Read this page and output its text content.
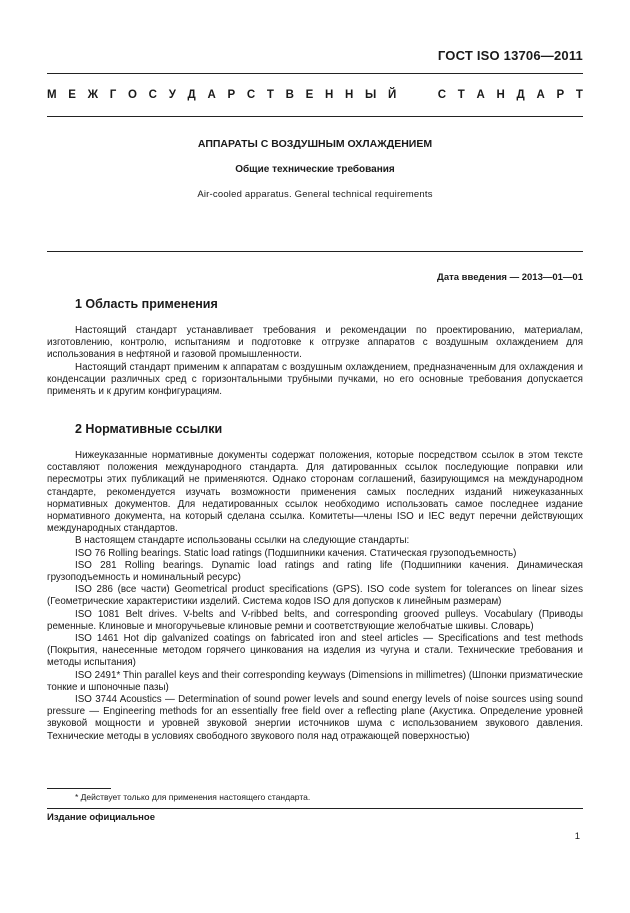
ГОСТ ISO 13706—2011
М Е Ж Г О С У Д А Р С Т В Е Н Н Ы Й

	С Т А Н Д А Р Т
АППАРАТЫ С ВОЗДУШНЫМ ОХЛАЖДЕНИЕМ
Общие технические требования
Air-cooled apparatus. General technical requirements
Дата введения — 2013—01—01
1 Область применения

Настоящий стандарт устанавливает требования и рекомендации по проектированию, материалам, изготовлению, контролю, испытаниям и подготовке к отгрузке аппаратов с воздушным охлаждением для использования в нефтяной и газовой промышленности.

Настоящий стандарт применим к аппаратам с воздушным охлаждением, предназначенным для охлаждения и конденсации различных сред с горизонтальными трубными пучками, но его основные требования допускается применять и к другим конфигурациям.

2 Нормативные ссылки

Нижеуказанные нормативные документы содержат положения, которые посредством ссылок в этом тексте составляют положения международного стандарта. Для датированных ссылок последующие поправки или пересмотры этих публикаций не применяются. Однако сторонам соглашений, базирующимся на международном стандарте, рекомендуется изучать возможности применения самых последних изданий нижеуказанных нормативных документов. Для недатированных ссылок необходимо использовать самое последнее издание нормативного документа, на который сделана ссылка. Комитеты—члены ISO и IEC ведут перечни действующих международных стандартов.

В настоящем стандарте использованы ссылки на следующие стандарты:

ISO 76 Rolling bearings. Static load ratings (Подшипники качения. Статическая грузоподъемность)

ISO 281 Rolling bearings. Dynamic load ratings and rating life (Подшипники качения. Динамическая грузоподъемность и номинальный ресурс)

ISO 286 (все части) Geometrical product specifications (GPS). ISO code system for tolerances on linear sizes (Геометрические характеристики изделий. Система кодов ISO для допусков к линейным размерам)

ISO 1081 Belt drives. V-belts and V-ribbed belts, and corresponding grooved pulleys. Vocabulary (Приводы ременные. Клиновые и многоручьевые клиновые ремни и соответствующие желобчатые шкивы. Словарь)

ISO 1461 Hot dip galvanized coatings on fabricated iron and steel articles — Specifications and test methods (Покрытия, нанесенные методом горячего цинкования на изделия из чугуна и стали. Технические требования и методы испытания)

ISO 2491* Thin parallel keys and their corresponding keyways (Dimensions in millimetres) (Шпонки призматические тонкие и шпоночные пазы)

ISO 3744 Acoustics — Determination of sound power levels and sound energy levels of noise sources using sound pressure — Engineering methods for an essentially free field over a reflecting plane (Акустика. Определение уровней звуковой мощности и уровней звуковой энергии источников шума с использованием звукового давления. Технические методы в условиях свободного звукового поля над отражающей поверхностью)

* Действует только для применения настоящего стандарта.
Издание официальное
1
